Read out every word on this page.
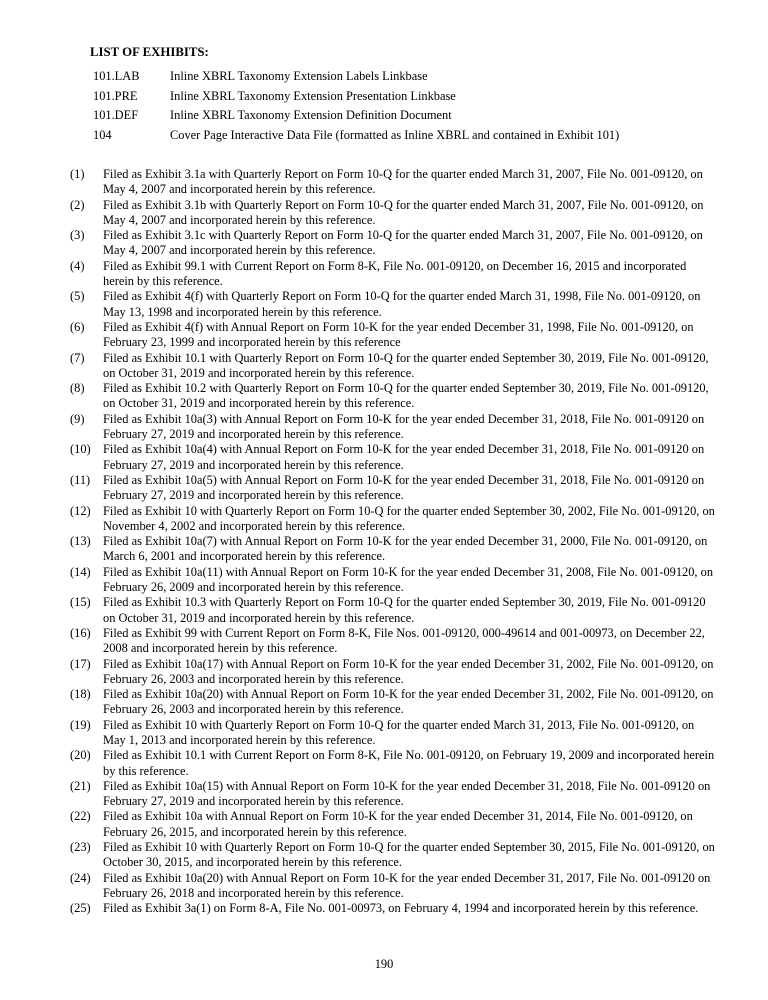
LIST OF EXHIBITS:
101.LAB	Inline XBRL Taxonomy Extension Labels Linkbase
101.PRE	Inline XBRL Taxonomy Extension Presentation Linkbase
101.DEF	Inline XBRL Taxonomy Extension Definition Document
104	Cover Page Interactive Data File (formatted as Inline XBRL and contained in Exhibit 101)
(1)	Filed as Exhibit 3.1a with Quarterly Report on Form 10-Q for the quarter ended March 31, 2007, File No. 001-09120, on May 4, 2007 and incorporated herein by this reference.
(2)	Filed as Exhibit 3.1b with Quarterly Report on Form 10-Q for the quarter ended March 31, 2007, File No. 001-09120, on May 4, 2007 and incorporated herein by this reference.
(3)	Filed as Exhibit 3.1c with Quarterly Report on Form 10-Q for the quarter ended March 31, 2007, File No. 001-09120, on May 4, 2007 and incorporated herein by this reference.
(4)	Filed as Exhibit 99.1 with Current Report on Form 8-K, File No. 001-09120, on December 16, 2015 and incorporated herein by this reference.
(5)	Filed as Exhibit 4(f) with Quarterly Report on Form 10-Q for the quarter ended March 31, 1998, File No. 001-09120, on May 13, 1998 and incorporated herein by this reference.
(6)	Filed as Exhibit 4(f) with Annual Report on Form 10-K for the year ended December 31, 1998, File No. 001-09120, on February 23, 1999 and incorporated herein by this reference
(7)	Filed as Exhibit 10.1 with Quarterly Report on Form 10-Q for the quarter ended September 30, 2019, File No. 001-09120, on October 31, 2019 and incorporated herein by this reference.
(8)	Filed as Exhibit 10.2 with Quarterly Report on Form 10-Q for the quarter ended September 30, 2019, File No. 001-09120, on October 31, 2019 and incorporated herein by this reference.
(9)	Filed as Exhibit 10a(3) with Annual Report on Form 10-K for the year ended December 31, 2018, File No. 001-09120 on February 27, 2019 and incorporated herein by this reference.
(10) Filed as Exhibit 10a(4) with Annual Report on Form 10-K for the year ended December 31, 2018, File No. 001-09120 on February 27, 2019 and incorporated herein by this reference.
(11)	Filed as Exhibit 10a(5) with Annual Report on Form 10-K for the year ended December 31, 2018, File No. 001-09120 on February 27, 2019 and incorporated herein by this reference.
(12) Filed as Exhibit 10 with Quarterly Report on Form 10-Q for the quarter ended September 30, 2002, File No. 001-09120, on November 4, 2002 and incorporated herein by this reference.
(13) Filed as Exhibit 10a(7) with Annual Report on Form 10-K for the year ended December 31, 2000, File No. 001-09120, on March 6, 2001 and incorporated herein by this reference.
(14) Filed as Exhibit 10a(11) with Annual Report on Form 10-K for the year ended December 31, 2008, File No. 001-09120, on February 26, 2009 and incorporated herein by this reference.
(15) Filed as Exhibit 10.3 with Quarterly Report on Form 10-Q for the quarter ended September 30, 2019, File No. 001-09120 on October 31, 2019 and incorporated herein by this reference.
(16) Filed as Exhibit 99 with Current Report on Form 8-K, File Nos. 001-09120, 000-49614 and 001-00973, on December 22, 2008 and incorporated herein by this reference.
(17) Filed as Exhibit 10a(17) with Annual Report on Form 10-K for the year ended December 31, 2002, File No. 001-09120, on February 26, 2003 and incorporated herein by this reference.
(18) Filed as Exhibit 10a(20) with Annual Report on Form 10-K for the year ended December 31, 2002, File No. 001-09120, on February 26, 2003 and incorporated herein by this reference.
(19) Filed as Exhibit 10 with Quarterly Report on Form 10-Q for the quarter ended March 31, 2013, File No. 001-09120, on May 1, 2013 and incorporated herein by this reference.
(20) Filed as Exhibit 10.1 with Current Report on Form 8-K, File No. 001-09120, on February 19, 2009 and incorporated herein by this reference.
(21) Filed as Exhibit 10a(15) with Annual Report on Form 10-K for the year ended December 31, 2018, File No. 001-09120 on February 27, 2019 and incorporated herein by this reference.
(22) Filed as Exhibit 10a with Annual Report on Form 10-K for the year ended December 31, 2014, File No. 001-09120, on February 26, 2015, and incorporated herein by this reference.
(23) Filed as Exhibit 10 with Quarterly Report on Form 10-Q for the quarter ended September 30, 2015, File No. 001-09120, on October 30, 2015, and incorporated herein by this reference.
(24) Filed as Exhibit 10a(20) with Annual Report on Form 10-K for the year ended December 31, 2017, File No. 001-09120 on February 26, 2018 and incorporated herein by this reference.
(25) Filed as Exhibit 3a(1) on Form 8-A, File No. 001-00973, on February 4, 1994 and incorporated herein by this reference.
190
